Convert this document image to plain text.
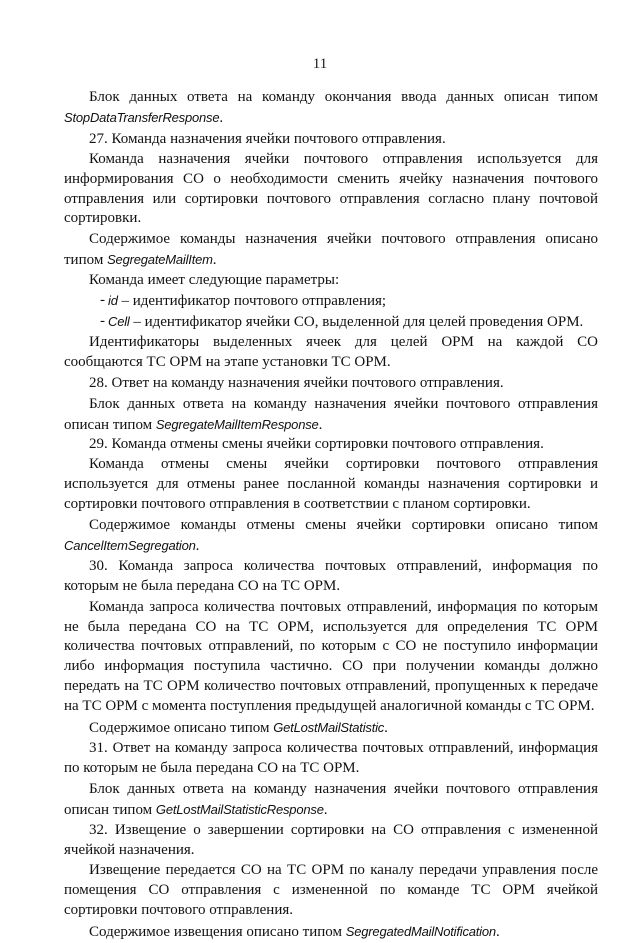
11

Блок данных ответа на команду окончания ввода данных описан типом StopDataTransferResponse.

27. Команда назначения ячейки почтового отправления.

Команда назначения ячейки почтового отправления используется для информирования СО о необходимости сменить ячейку назначения почтового отправления или сортировки почтового отправления согласно плану почтовой сортировки.

Содержимое команды назначения ячейки почтового отправления описано типом SegregateMailItem.

Команда имеет следующие параметры:

- id – идентификатор почтового отправления;

- Cell – идентификатор ячейки СО, выделенной для целей проведения ОРМ.

Идентификаторы выделенных ячеек для целей ОРМ на каждой СО сообщаются ТС ОРМ на этапе установки ТС ОРМ.

28. Ответ на команду назначения ячейки почтового отправления.

Блок данных ответа на команду назначения ячейки почтового отправления описан типом SegregateMailItemResponse.

29. Команда отмены смены ячейки сортировки почтового отправления.

Команда отмены смены ячейки сортировки почтового отправления используется для отмены ранее посланной команды назначения сортировки и сортировки почтового отправления в соответствии с планом сортировки.

Содержимое команды отмены смены ячейки сортировки описано типом CancelItemSegregation.

30. Команда запроса количества почтовых отправлений, информация по которым не была передана СО на ТС ОРМ.

Команда запроса количества почтовых отправлений, информация по которым не была передана СО на ТС ОРМ, используется для определения ТС ОРМ количества почтовых отправлений, по которым с СО не поступило информации либо информация поступила частично. СО при получении команды должно передать на ТС ОРМ количество почтовых отправлений, пропущенных к передаче на ТС ОРМ с момента поступления предыдущей аналогичной команды с ТС ОРМ.

Содержимое описано типом GetLostMailStatistic.

31. Ответ на команду запроса количества почтовых отправлений, информация по которым не была передана СО на ТС ОРМ.

Блок данных ответа на команду назначения ячейки почтового отправления описан типом GetLostMailStatisticResponse.

32. Извещение о завершении сортировки на СО отправления с измененной ячейкой назначения.

Извещение передается СО на ТС ОРМ по каналу передачи управления после помещения СО отправления с измененной по команде ТС ОРМ ячейкой сортировки почтового отправления.

Содержимое извещения описано типом SegregatedMailNotification.
